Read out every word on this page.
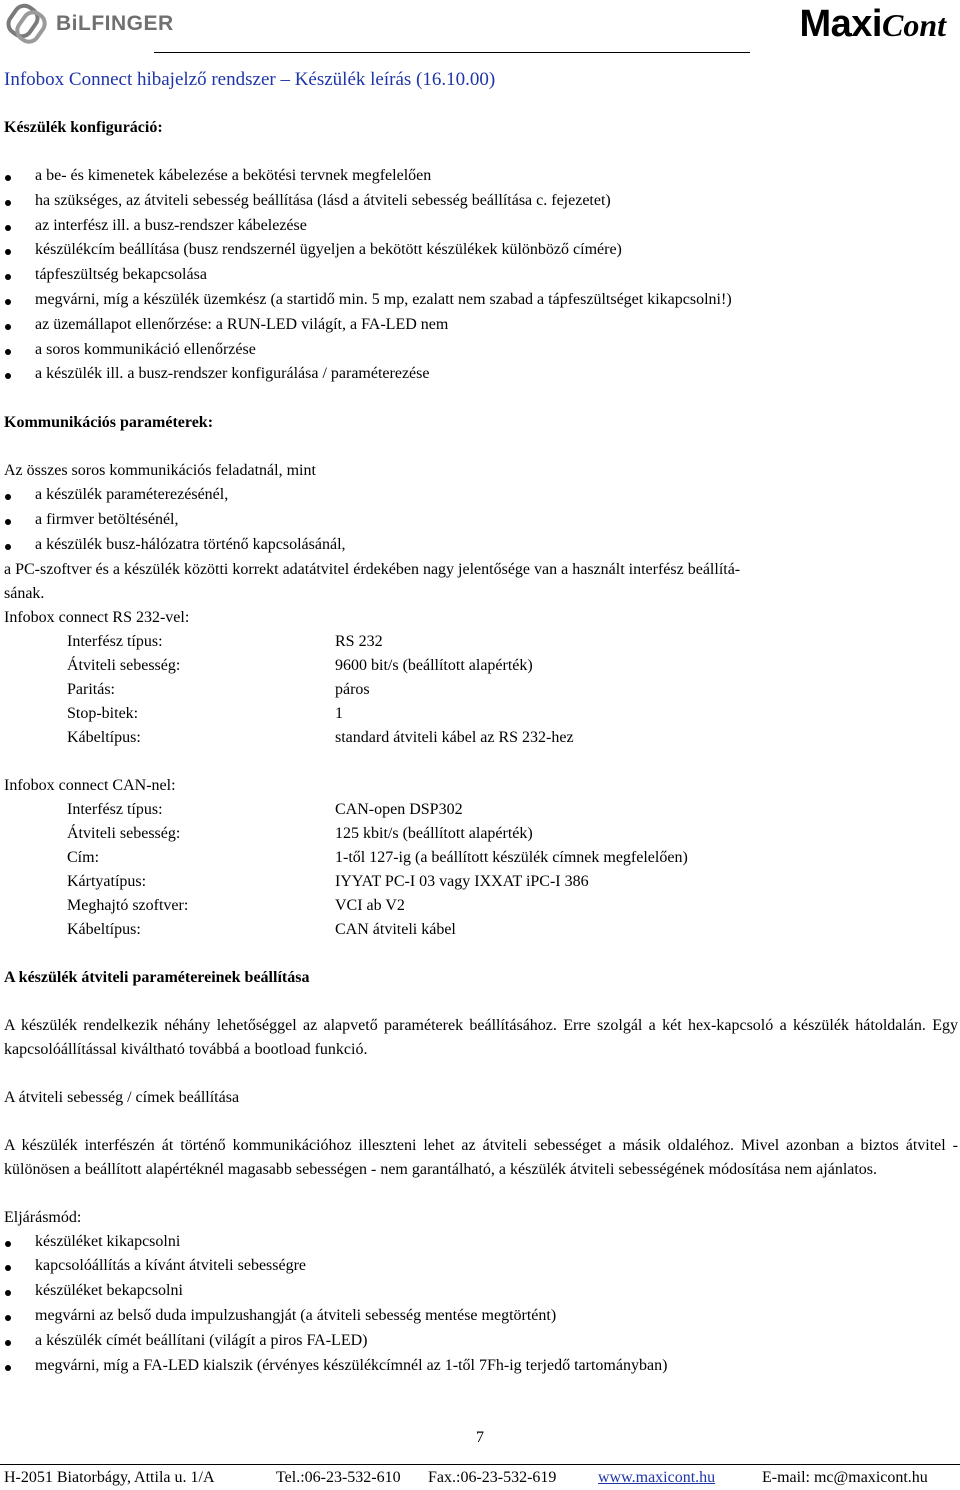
BiLFINGER	MaxiCont
Infobox Connect hibajelző rendszer – Készülék leírás (16.10.00)
Készülék konfiguráció:
a be- és kimenetek kábelezése a bekötési tervnek megfelelően
ha szükséges, az átviteli sebesség beállítása (lásd a átviteli sebesség beállítása c. fejezetet)
az interfész ill. a busz-rendszer kábelezése
készülékcím beállítása (busz rendszernél ügyeljen a bekötött készülékek különböző címére)
tápfeszültség bekapcsolása
megvárni, míg a készülék üzemkész (a startidő min. 5 mp, ezalatt nem szabad a tápfeszültséget kikapcsolni!)
az üzemállapot ellenőrzése: a RUN-LED világít, a FA-LED nem
a soros kommunikáció ellenőrzése
a készülék ill. a busz-rendszer konfigurálása / paraméterezése
Kommunikációs paraméterek:

Az összes soros kommunikációs feladatnál, mint

a készülék paraméterezésénél,
a firmver betöltésénél,
a készülék busz-hálózatra történő kapcsolásánál,

a PC-szoftver és a készülék közötti korrekt adatátvitel érdekében nagy jelentősége van a használt interfész beállítá-

sának.

Infobox connect RS 232-vel:

Interfész típus:	RS 232
Átviteli sebesség:	9600 bit/s (beállított alapérték)
Paritás:	páros
Stop-bitek:	1
Kábeltípus:	standard átviteli kábel az RS 232-hez

Infobox connect CAN-nel:

Interfész típus:	CAN-open DSP302
Átviteli sebesség:	125 kbit/s (beállított alapérték)
Cím:	1-től 127-ig (a beállított készülék címnek megfelelően)
Kártyatípus:	IYYAT PC-I 03 vagy IXXAT iPC-I 386
Meghajtó szoftver:	VCI ab V2
Kábeltípus:	CAN átviteli kábel
A készülék átviteli paramétereinek beállítása

A készülék rendelkezik néhány lehetőséggel az alapvető paraméterek beállításához. Erre szolgál a két hex-kapcsoló a készülék hátoldalán. Egy kapcsolóállítással kiváltható továbbá a bootload funkció.

A átviteli sebesség / címek beállítása

A készülék interfészén át történő kommunikációhoz illeszteni lehet az átviteli sebességet a másik oldaléhoz. Mivel azonban a biztos átvitel - különösen a beállított alapértéknél magasabb sebességen - nem garantálható, a készülék átviteli sebességének módosítása nem ajánlatos.

Eljárásmód:

készüléket kikapcsolni
kapcsolóállítás a kívánt átviteli sebességre
készüléket bekapcsolni
megvárni az belső duda impulzushangját (a átviteli sebesség mentése megtörtént)
a készülék címét beállítani (világít a piros FA-LED)
megvárni, míg a FA-LED kialszik (érvényes készülékcímnél az 1-től 7Fh-ig terjedő tartományban)
7
H-2051 Biatorbágy, Attila u. 1/A	Tel.:06-23-532-610 Fax.:06-23-532-619	www.maxicont.hu	E-mail: mc@maxicont.hu
